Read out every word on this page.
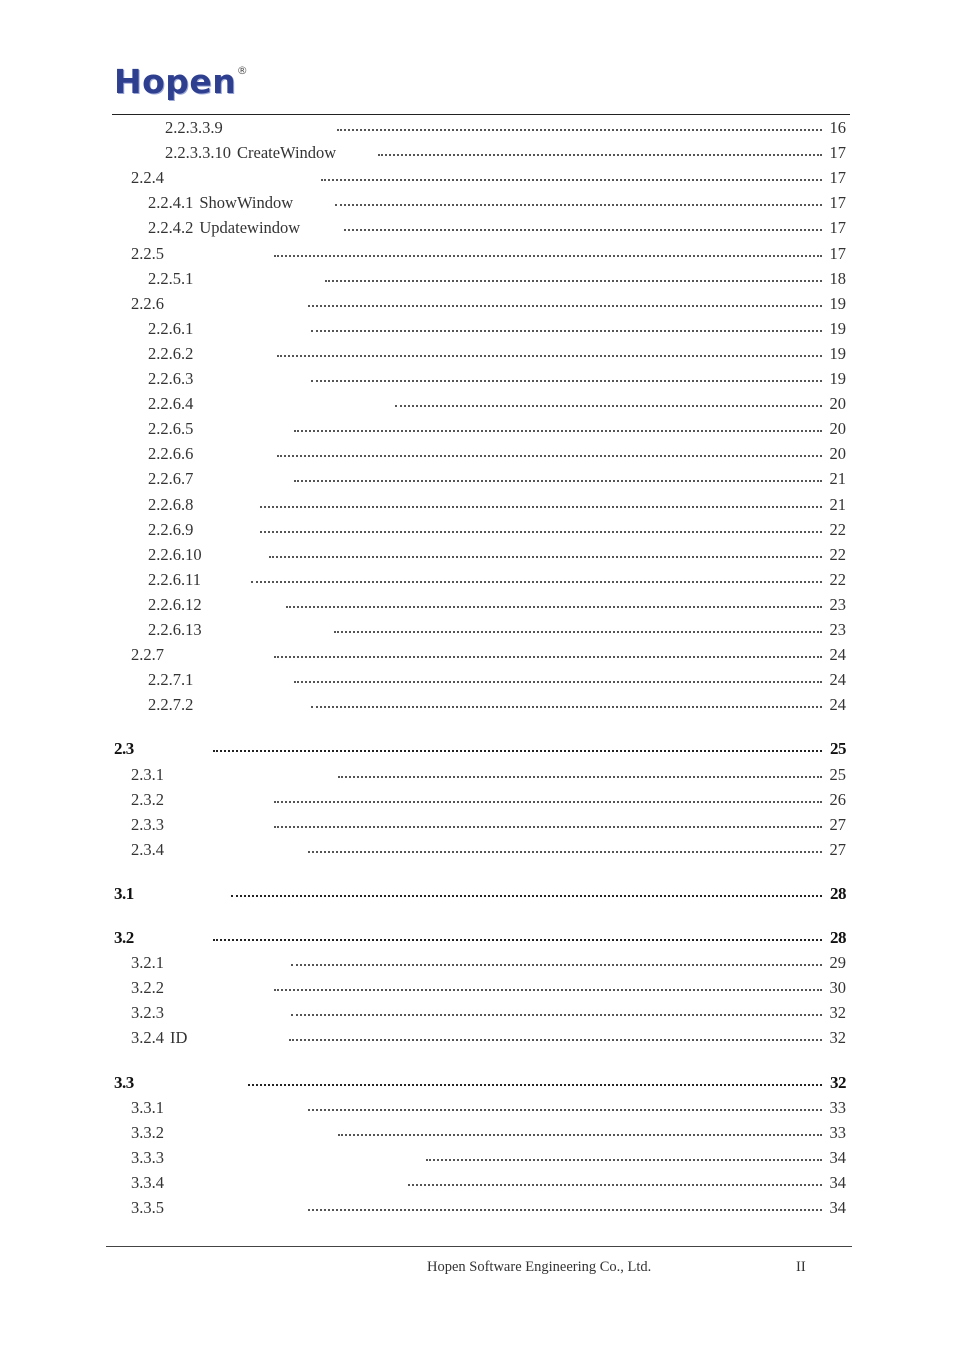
Hopen ®
2.2.3.3.9	16
2.2.3.3.10 CreateWindow	17
2.2.4	17
2.2.4.1 ShowWindow	17
2.2.4.2 Updatewindow	17
2.2.5	17
2.2.5.1	18
2.2.6	19
2.2.6.1	19
2.2.6.2	19
2.2.6.3	19
2.2.6.4	20
2.2.6.5	20
2.2.6.6	20
2.2.6.7	21
2.2.6.8	21
2.2.6.9	22
2.2.6.10	22
2.2.6.11	22
2.2.6.12	23
2.2.6.13	23
2.2.7	24
2.2.7.1	24
2.2.7.2	24
2.3	25
2.3.1	25
2.3.2	26
2.3.3	27
2.3.4	27
3.1	28
3.2	28
3.2.1	29
3.2.2	30
3.2.3	32
3.2.4 ID	32
3.3	32
3.3.1	33
3.3.2	33
3.3.3	34
3.3.4	34
3.3.5	34
Hopen Software Engineering Co., Ltd.	II
